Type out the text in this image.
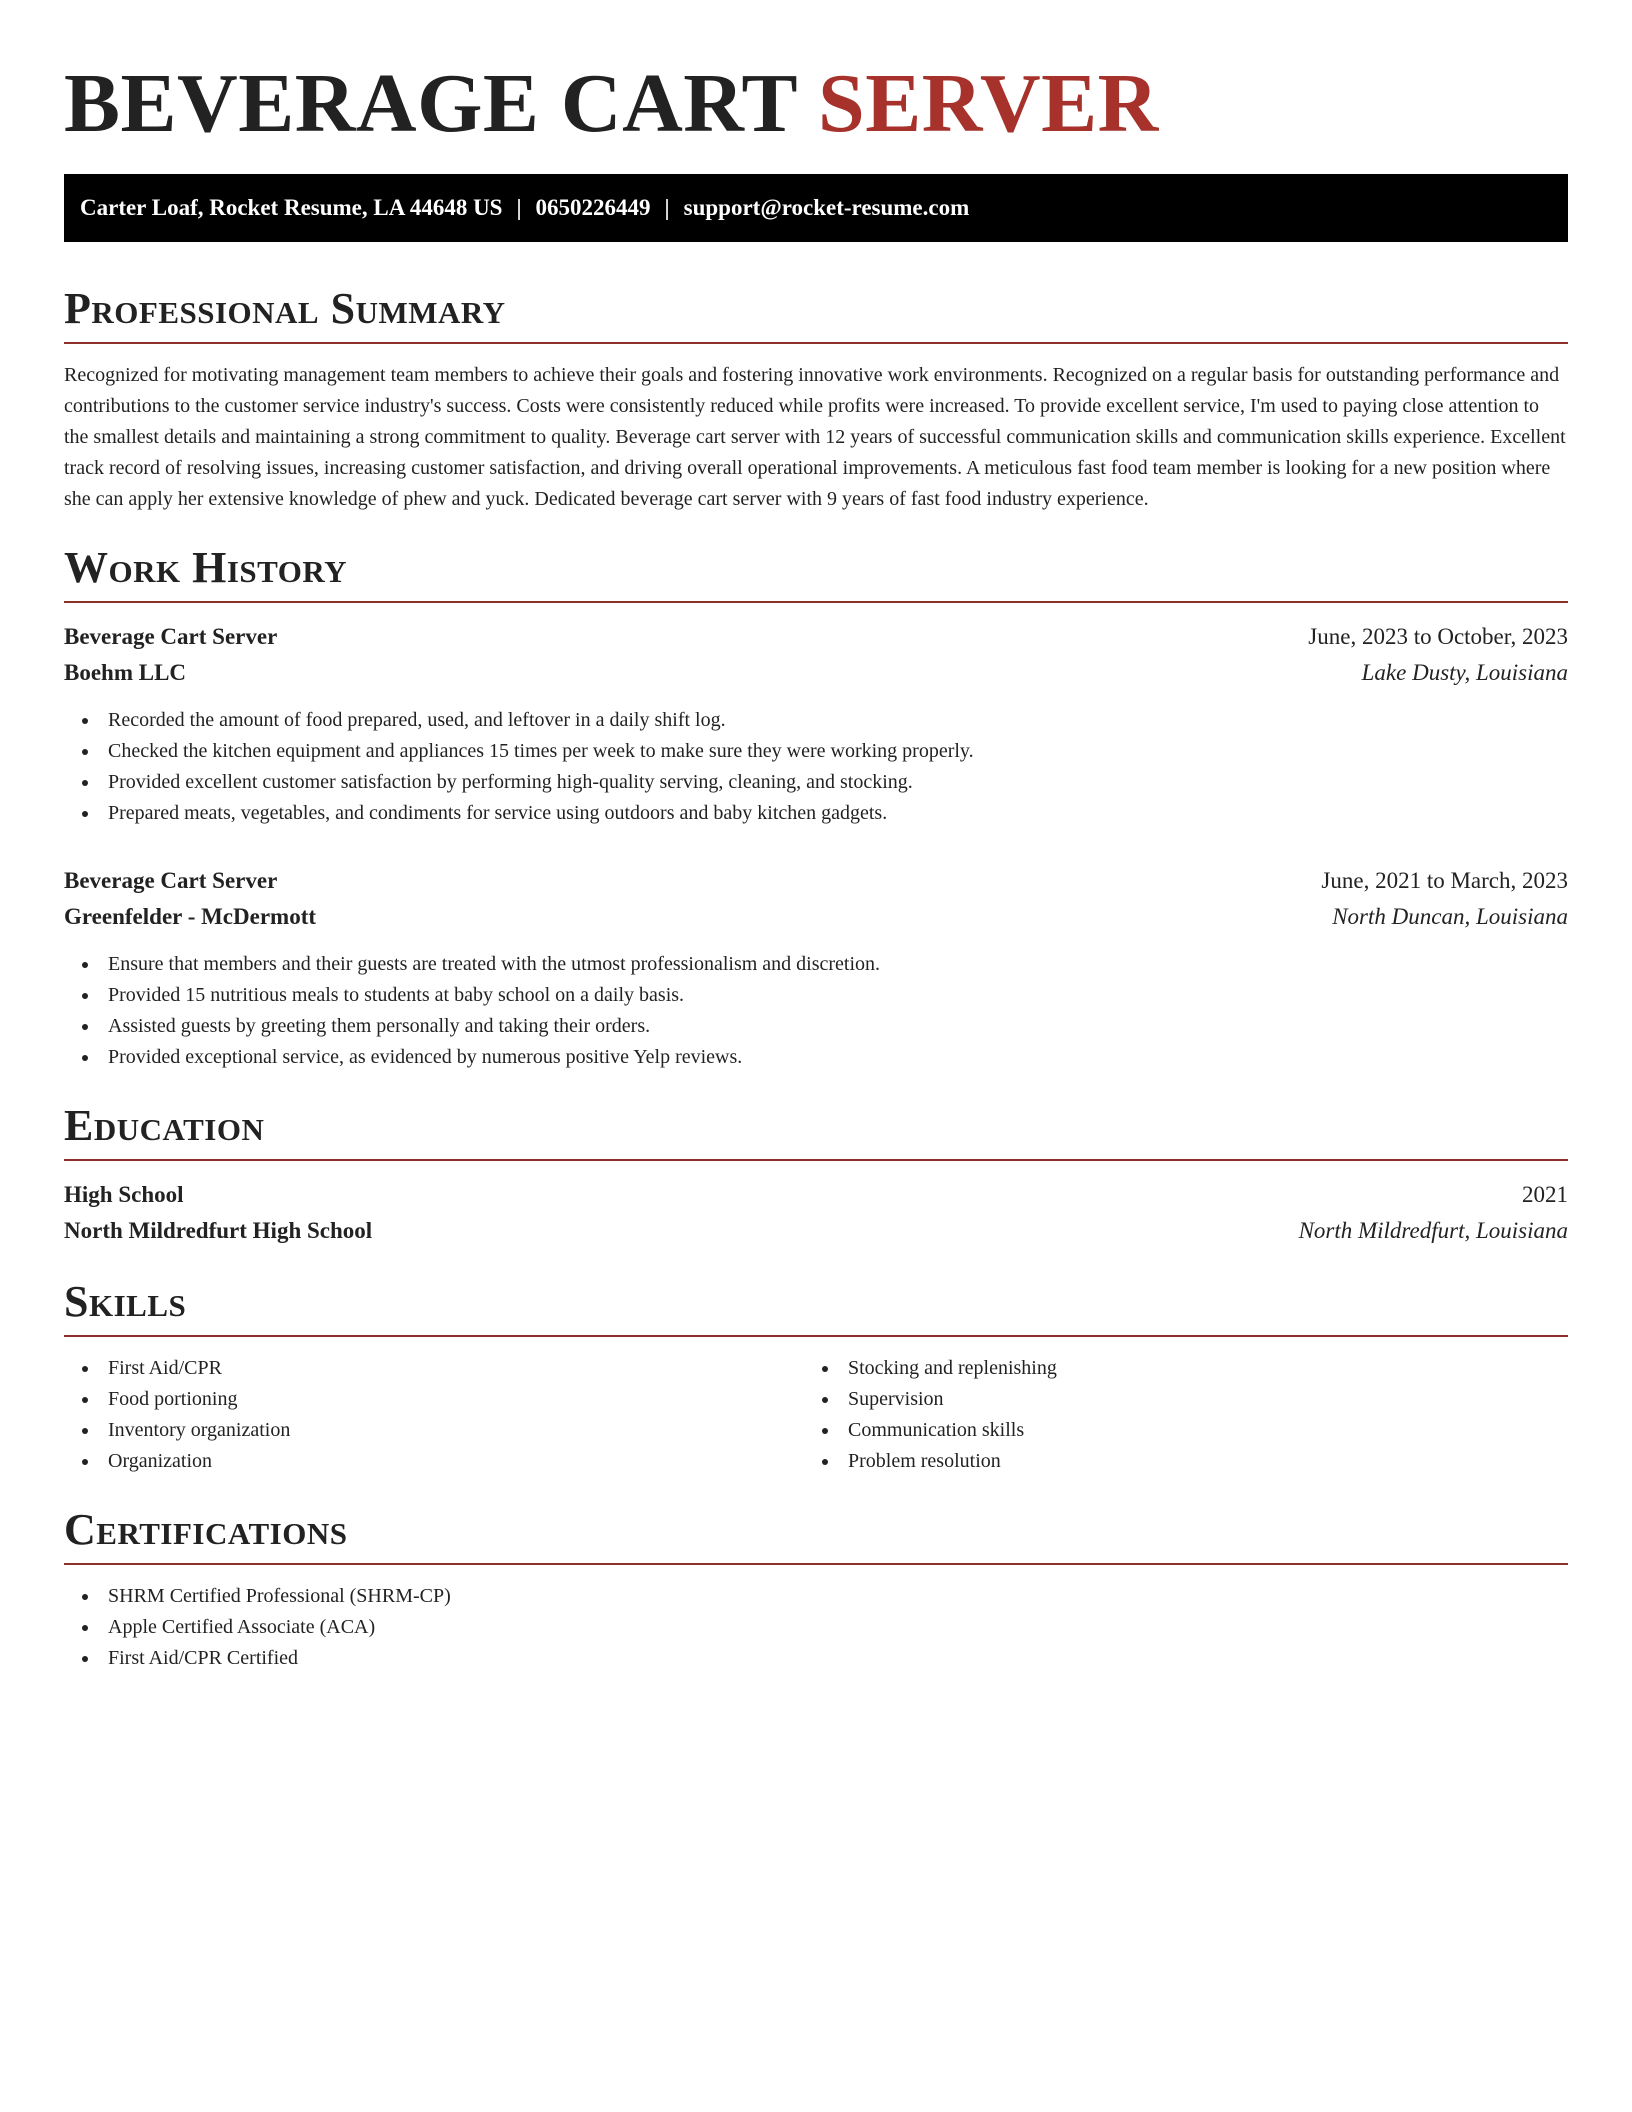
BEVERAGE CART SERVER
Carter Loaf, Rocket Resume, LA 44648 US | 0650226449 | support@rocket-resume.com
Professional Summary

Recognized for motivating management team members to achieve their goals and fostering innovative work environments. Recognized on a regular basis for outstanding performance and contributions to the customer service industry's success. Costs were consistently reduced while profits were increased. To provide excellent service, I'm used to paying close attention to the smallest details and maintaining a strong commitment to quality. Beverage cart server with 12 years of successful communication skills and communication skills experience. Excellent track record of resolving issues, increasing customer satisfaction, and driving overall operational improvements. A meticulous fast food team member is looking for a new position where she can apply her extensive knowledge of phew and yuck. Dedicated beverage cart server with 9 years of fast food industry experience.

Work History
Beverage Cart Server	June, 2023 to October, 2023
Boehm LLC	Lake Dusty, Louisiana
Recorded the amount of food prepared, used, and leftover in a daily shift log.
Checked the kitchen equipment and appliances 15 times per week to make sure they were working properly.
Provided excellent customer satisfaction by performing high-quality serving, cleaning, and stocking.
Prepared meats, vegetables, and condiments for service using outdoors and baby kitchen gadgets.
Beverage Cart Server	June, 2021 to March, 2023
Greenfelder - McDermott	North Duncan, Louisiana
Ensure that members and their guests are treated with the utmost professionalism and discretion.
Provided 15 nutritious meals to students at baby school on a daily basis.
Assisted guests by greeting them personally and taking their orders.
Provided exceptional service, as evidenced by numerous positive Yelp reviews.
Education
High School	2021
North Mildredfurt High School	North Mildredfurt, Louisiana
Skills
First Aid/CPR
Food portioning
Inventory organization
Organization
Stocking and replenishing
Supervision
Communication skills
Problem resolution
Certifications
SHRM Certified Professional (SHRM-CP)
Apple Certified Associate (ACA)
First Aid/CPR Certified
